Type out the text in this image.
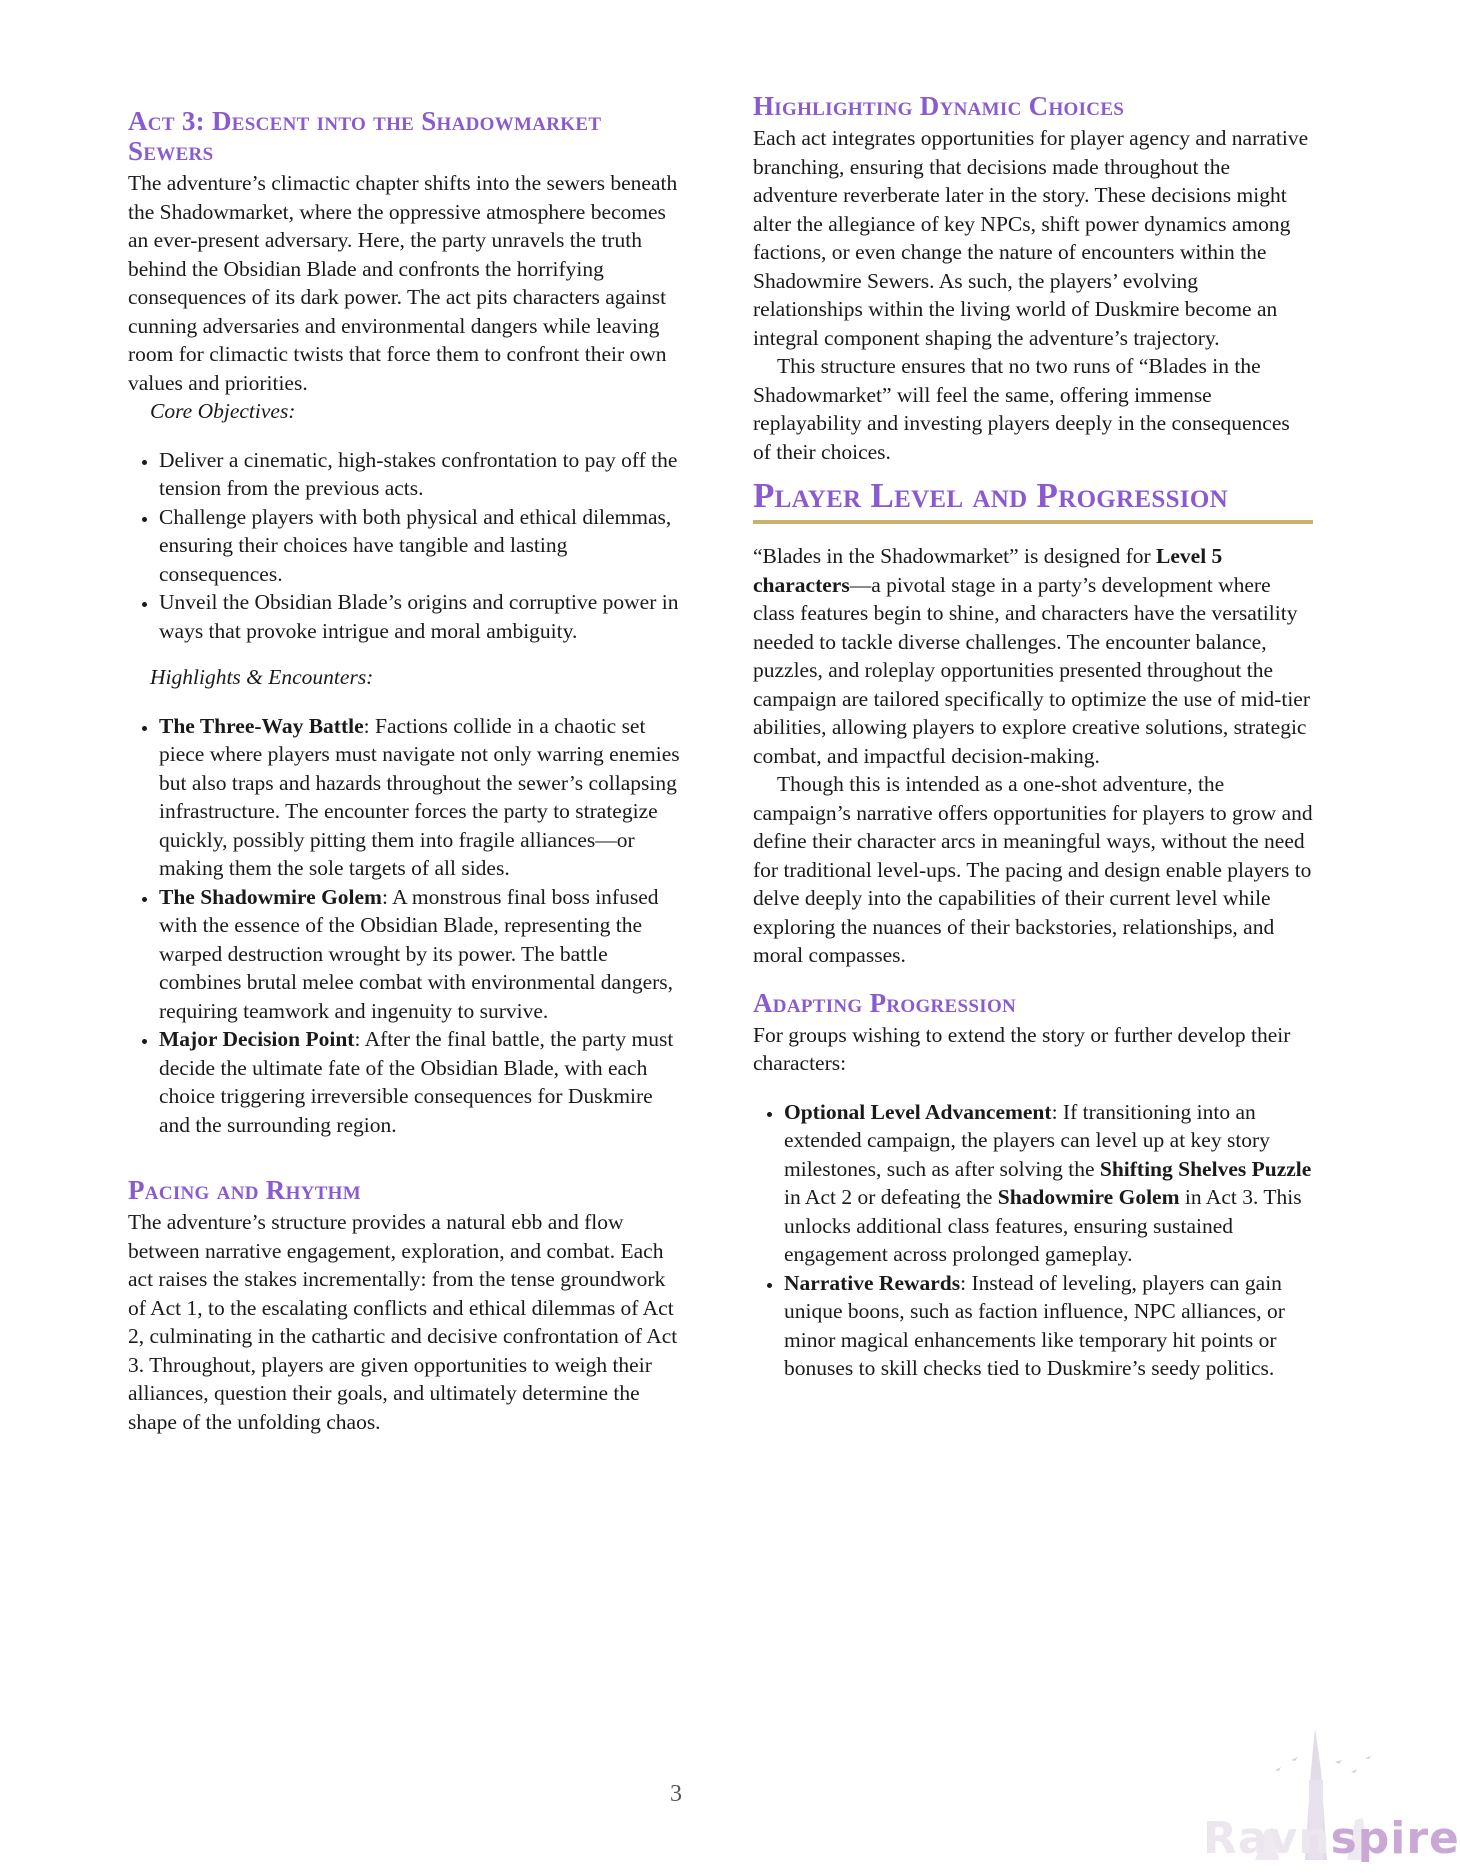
Act 3: Descent into the Shadowmarket Sewers

The adventure’s climactic chapter shifts into the sewers beneath the Shadowmarket, where the oppressive atmosphere becomes an ever-present adversary. Here, the party unravels the truth behind the Obsidian Blade and confronts the horrifying consequences of its dark power. The act pits characters against cunning adversaries and environmental dangers while leaving room for climactic twists that force them to confront their own values and priorities.

Core Objectives:

• Deliver a cinematic, high-stakes confrontation to pay off the tension from the previous acts.
• Challenge players with both physical and ethical dilemmas, ensuring their choices have tangible and lasting consequences.
• Unveil the Obsidian Blade’s origins and corruptive power in ways that provoke intrigue and moral ambiguity.

Highlights & Encounters:

• The Three-Way Battle: Factions collide in a chaotic set piece where players must navigate not only warring enemies but also traps and hazards throughout the sewer’s collapsing infrastructure. The encounter forces the party to strategize quickly, possibly pitting them into fragile alliances—or making them the sole targets of all sides.
• The Shadowmire Golem: A monstrous final boss infused with the essence of the Obsidian Blade, representing the warped destruction wrought by its power. The battle combines brutal melee combat with environmental dangers, requiring teamwork and ingenuity to survive.
• Major Decision Point: After the final battle, the party must decide the ultimate fate of the Obsidian Blade, with each choice triggering irreversible consequences for Duskmire and the surrounding region.
Pacing and Rhythm

The adventure’s structure provides a natural ebb and flow between narrative engagement, exploration, and combat. Each act raises the stakes incrementally: from the tense groundwork of Act 1, to the escalating conflicts and ethical dilemmas of Act 2, culminating in the cathartic and decisive confrontation of Act 3. Throughout, players are given opportunities to weigh their alliances, question their goals, and ultimately determine the shape of the unfolding chaos.

Highlighting Dynamic Choices

Each act integrates opportunities for player agency and narrative branching, ensuring that decisions made throughout the adventure reverberate later in the story. These decisions might alter the allegiance of key NPCs, shift power dynamics among factions, or even change the nature of encounters within the Shadowmire Sewers. As such, the players’ evolving relationships within the living world of Duskmire become an integral component shaping the adventure’s trajectory.

This structure ensures that no two runs of “Blades in the Shadowmarket” will feel the same, offering immense replayability and investing players deeply in the consequences of their choices.

Player Level and Progression

“Blades in the Shadowmarket” is designed for Level 5 characters—a pivotal stage in a party’s development where class features begin to shine, and characters have the versatility needed to tackle diverse challenges. The encounter balance, puzzles, and roleplay opportunities presented throughout the campaign are tailored specifically to optimize the use of mid-tier abilities, allowing players to explore creative solutions, strategic combat, and impactful decision-making.

Though this is intended as a one-shot adventure, the campaign’s narrative offers opportunities for players to grow and define their character arcs in meaningful ways, without the need for traditional level-ups. The pacing and design enable players to delve deeply into the capabilities of their current level while exploring the nuances of their backstories, relationships, and moral compasses.

Adapting Progression

For groups wishing to extend the story or further develop their characters:

• Optional Level Advancement: If transitioning into an extended campaign, the players can level up at key story milestones, such as after solving the Shifting Shelves Puzzle in Act 2 or defeating the Shadowmire Golem in Act 3. This unlocks additional class features, ensuring sustained engagement across prolonged gameplay.
• Narrative Rewards: Instead of leveling, players can gain unique boons, such as faction influence, NPC alliances, or minor magical enhancements like temporary hit points or bonuses to skill checks tied to Duskmire’s seedy politics.
3
Ravnspire
